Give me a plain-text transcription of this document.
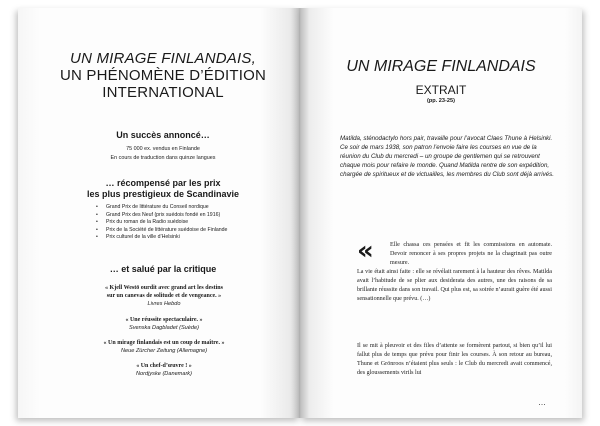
UN MIRAGE FINLANDAIS,
UN PHÉNOMÈNE D’ÉDITION
INTERNATIONAL
Un succès annoncé…
75 000 ex. vendus en Finlande
En cours de traduction dans quinze langues
… récompensé par les prix
les plus prestigieux de Scandinavie
• Grand Prix de littérature du Conseil nordique
• Grand Prix des Neuf (prix suédois fondé en 1916)
• Prix du roman de la Radio suédoise
• Prix de la Société de littérature suédoise de Finlande
• Prix culturel de la ville d’Helsinki
… et salué par la critique
« Kjell Westö ourdit avec grand art les destins
sur un canevas de solitude et de vengeance. »
Livres Hebdo
« Une réussite spectaculaire. »
Svenska Dagbladet (Suède)
« Un mirage finlandais est un coup de maître. »
Neue Zürcher Zeitung (Allemagne)
« Un chef-d’œuvre ! »
Nordjyske (Danemark)
UN MIRAGE FINLANDAIS
EXTRAIT
(pp. 23-25)
Matilda, sténodactylo hors pair, travaille pour l’avocat Claes Thune à Helsinki. Ce soir de mars 1938, son patron l’envoie faire les courses en vue de la réunion du Club du mercredi – un groupe de gentlemen qui se retrouvent chaque mois pour refaire le monde. Quand Matilda rentre de son expédition, chargée de spiritueux et de victuailles, les membres du Club sont déjà arrivés.
«	Elle chassa ces pensées et fit les commissions en automate. Devoir renoncer à ses propres projets ne la chagrinait pas outre mesure.
La vie était ainsi faite : elle se révélait rarement à la hauteur des rêves. Matilda avait l’habitude de se plier aux desiderata des autres, une des raisons de sa brillante réussite dans son travail. Qui plus est, sa soirée n’aurait guère été aussi sensationnelle que prévu. (…)
Il se mit à pleuvoir et des files d’attente se formèrent partout, si bien qu’il lui fallut plus de temps que prévu pour finir les courses. À son retour au bureau, Thune et Grönroos n’étaient plus seuls : le Club du mercredi avait commencé, des gloussements virils lui
…
